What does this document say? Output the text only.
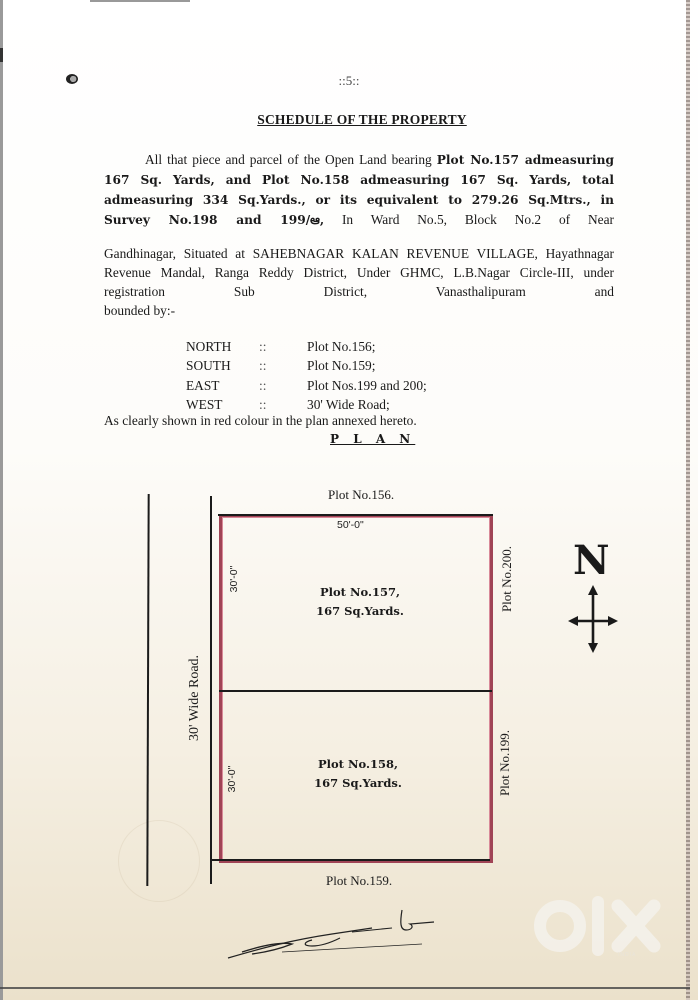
::5::
SCHEDULE OF THE PROPERTY
All that piece and parcel of the Open Land bearing Plot No.157 admeasuring 167 Sq. Yards, and Plot No.158 admeasuring 167 Sq. Yards, total admeasuring 334 Sq.Yards., or its equivalent to 279.26 Sq.Mtrs., in Survey No.198 and 199/ఆ, In Ward No.5, Block No.2 of Near
Gandhinagar, Situated at SAHEBNAGAR KALAN REVENUE VILLAGE, Hayathnagar Revenue Mandal, Ranga Reddy District, Under GHMC, L.B.Nagar Circle-III, under registration Sub District, Vanasthalipuram and
bounded by:-
NORTH	::	Plot No.156;
SOUTH	::	Plot No.159;
EAST	::	Plot Nos.199 and 200;
WEST	::	30' Wide Road;
As clearly shown in red colour in the plan annexed hereto.
P L A N
Plot No.156.
50'-0"
30' Wide Road.
30'-0"
30'-0"
Plot No.157,
167 Sq.Yards.
Plot No.158,
167 Sq.Yards.
Plot No.200.
Plot No.199.
Plot No.159.
N
INDIA
